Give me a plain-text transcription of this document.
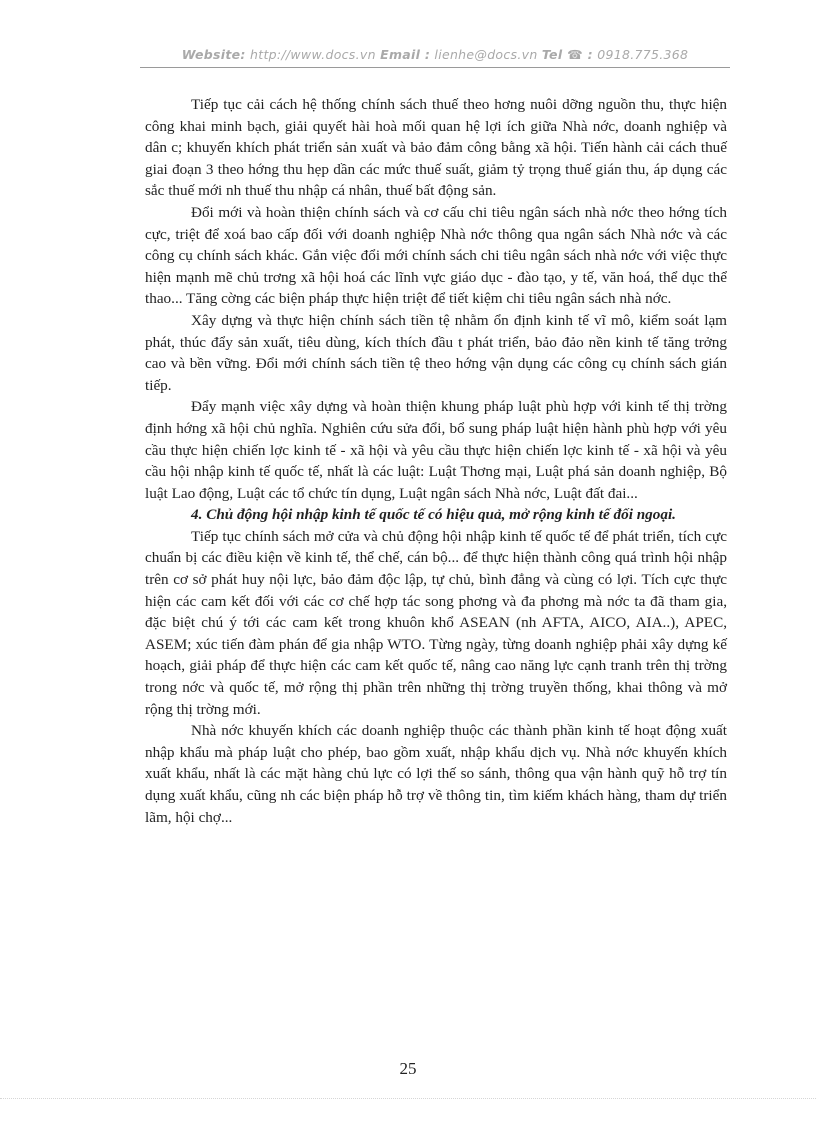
Website: http://www.docs.vn Email : lienhe@docs.vn Tel ☎ : 0918.775.368

Tiếp tục cải cách hệ thống chính sách thuế theo hơng nuôi dỡng nguồn thu, thực hiện công khai minh bạch, giải quyết hài hoà mối quan hệ lợi ích giữa Nhà nớc, doanh nghiệp và dân c; khuyến khích phát triển sản xuất và bảo đảm công bằng xã hội. Tiến hành cải cách thuế giai đoạn 3 theo hớng thu hẹp dần các mức thuế suất, giảm tỷ trọng thuế gián thu, áp dụng các sắc thuế mới nh thuế thu nhập cá nhân, thuế bất động sản.

Đổi mới và hoàn thiện chính sách và cơ cấu chi tiêu ngân sách nhà nớc theo hớng tích cực, triệt để xoá bao cấp đối với doanh nghiệp Nhà nớc thông qua ngân sách Nhà nớc và các công cụ chính sách khác. Gắn việc đổi mới chính sách chi tiêu ngân sách nhà nớc với việc thực hiện mạnh mẽ chủ trơng xã hội hoá các lĩnh vực giáo dục - đào tạo, y tế, văn hoá, thể dục thể thao... Tăng cờng các biện pháp thực hiện triệt để tiết kiệm chi tiêu ngân sách nhà nớc.

Xây dựng và thực hiện chính sách tiền tệ nhằm ổn định kinh tế vĩ mô, kiểm soát lạm phát, thúc đẩy sản xuất, tiêu dùng, kích thích đầu t phát triển, bảo đảo nền kinh tế tăng trởng cao và bền vững. Đổi mới chính sách tiền tệ theo hớng vận dụng các công cụ chính sách gián tiếp.

Đẩy mạnh việc xây dựng và hoàn thiện khung pháp luật phù hợp với kinh tế thị trờng định hớng xã hội chủ nghĩa. Nghiên cứu sửa đổi, bổ sung pháp luật hiện hành phù hợp với yêu cầu thực hiện chiến lợc kinh tế - xã hội và yêu cầu thực hiện chiến lợc kinh tế - xã hội và yêu cầu hội nhập kinh tế quốc tế, nhất là các luật: Luật Thơng mại, Luật phá sản doanh nghiệp, Bộ luật Lao động, Luật các tổ chức tín dụng, Luật ngân sách Nhà nớc, Luật đất đai...

4. Chủ động hội nhập kinh tế quốc tế có hiệu quả, mở rộng kinh tế đối ngoại.

Tiếp tục chính sách mở cửa và chủ động hội nhập kinh tế quốc tế để phát triển, tích cực chuẩn bị các điều kiện về kinh tế, thể chế, cán bộ... để thực hiện thành công quá trình hội nhập trên cơ sở phát huy nội lực, bảo đảm độc lập, tự chủ, bình đẳng và cùng có lợi. Tích cực thực hiện các cam kết đối với các cơ chế hợp tác song phơng và đa phơng mà nớc ta đã tham gia, đặc biệt chú ý tới các cam kết trong khuôn khổ ASEAN (nh AFTA, AICO, AIA..), APEC, ASEM; xúc tiến đàm phán để gia nhập WTO. Từng ngày, từng doanh nghiệp phải xây dựng kế hoạch, giải pháp để thực hiện các cam kết quốc tế, nâng cao năng lực cạnh tranh trên thị trờng trong nớc và quốc tế, mở rộng thị phần trên những thị trờng truyền thống, khai thông và mở rộng thị trờng mới.

Nhà nớc khuyến khích các doanh nghiệp thuộc các thành phần kinh tế hoạt động xuất nhập khẩu mà pháp luật cho phép, bao gồm xuất, nhập khẩu dịch vụ. Nhà nớc khuyến khích xuất khẩu, nhất là các mặt hàng chủ lực có lợi thế so sánh, thông qua vận hành quỹ hỗ trợ tín dụng xuất khẩu, cũng nh các biện pháp hỗ trợ về thông tin, tìm kiếm khách hàng, tham dự triển lãm, hội chợ...

25
